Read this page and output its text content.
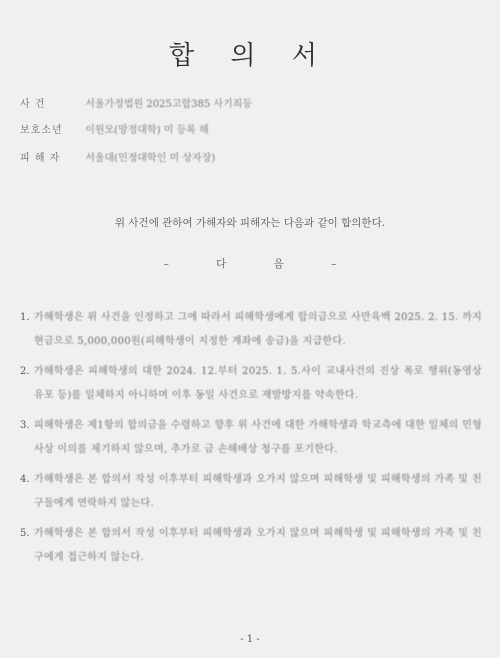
합 의 서
사 건	서울가정법원 2025고합385 사기죄등
보호소년 이원모(망정대학) 미 등록 해
피 해 자 서울대(민정대학인 미 상자장)

위 사건에 관하여 가해자와 피해자는 다음과 같이 합의한다.

–	다	음	–
1. 가해학생은 위 사건을 인정하고 그에 따라서 피해학생에게 합의금으로 사만육백 2025. 2. 15. 까지 현금으로 5,000,000원(피해학생이 지정한 계좌에 송금)을 지급한다.
2. 가해학생은 피해학생의 대한 2024. 12.부터 2025. 1. 5.사이 교내사건의 진상 폭로 행위(동영상 유포 등)를 일체하지 아니하며 이후 동일 사건으로 재발방지를 약속한다.
3. 피해학생은 제1항의 합의금을 수령하고 향후 위 사건에 대한 가해학생과 학교측에 대한 일체의 민형사상 이의를 제기하지 않으며, 추가로 금 손해배상 청구를 포기한다.
4. 가해학생은 본 합의서 작성 이후부터 피해학생과 오가지 않으며 피해학생 및 피해학생의 가족 및 친구들에게 연락하지 않는다.
5. 가해학생은 본 합의서 작성 이후부터 피해학생과 오가지 않으며 피해학생 및 피해학생의 가족 및 친구에게 접근하지 않는다.
- 1 -
